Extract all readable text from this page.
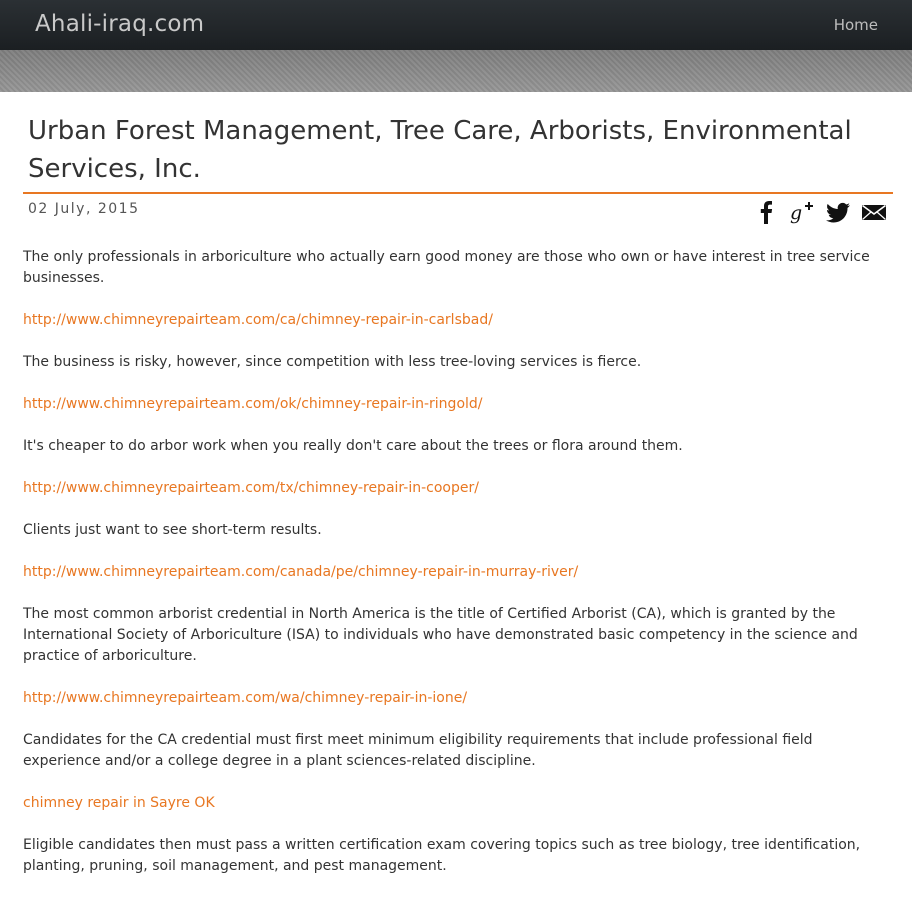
Ahali-iraq.com	Home
Urban Forest Management, Tree Care, Arborists, Environmental Services, Inc.
02 July, 2015	g

The only professionals in arboriculture who actually earn good money are those who own or have interest in tree service businesses.

http://www.chimneyrepairteam.com/ca/chimney-repair-in-carlsbad/

The business is risky, however, since competition with less tree-loving services is fierce.

http://www.chimneyrepairteam.com/ok/chimney-repair-in-ringold/

It's cheaper to do arbor work when you really don't care about the trees or flora around them.

http://www.chimneyrepairteam.com/tx/chimney-repair-in-cooper/

Clients just want to see short-term results.

http://www.chimneyrepairteam.com/canada/pe/chimney-repair-in-murray-river/

The most common arborist credential in North America is the title of Certified Arborist (CA), which is granted by the International Society of Arboriculture (ISA) to individuals who have demonstrated basic competency in the science and practice of arboriculture.

http://www.chimneyrepairteam.com/wa/chimney-repair-in-ione/

Candidates for the CA credential must first meet minimum eligibility requirements that include professional field experience and/or a college degree in a plant sciences-related discipline.

chimney repair in Sayre OK

Eligible candidates then must pass a written certification exam covering topics such as tree biology, tree identification, planting, pruning, soil management, and pest management.
